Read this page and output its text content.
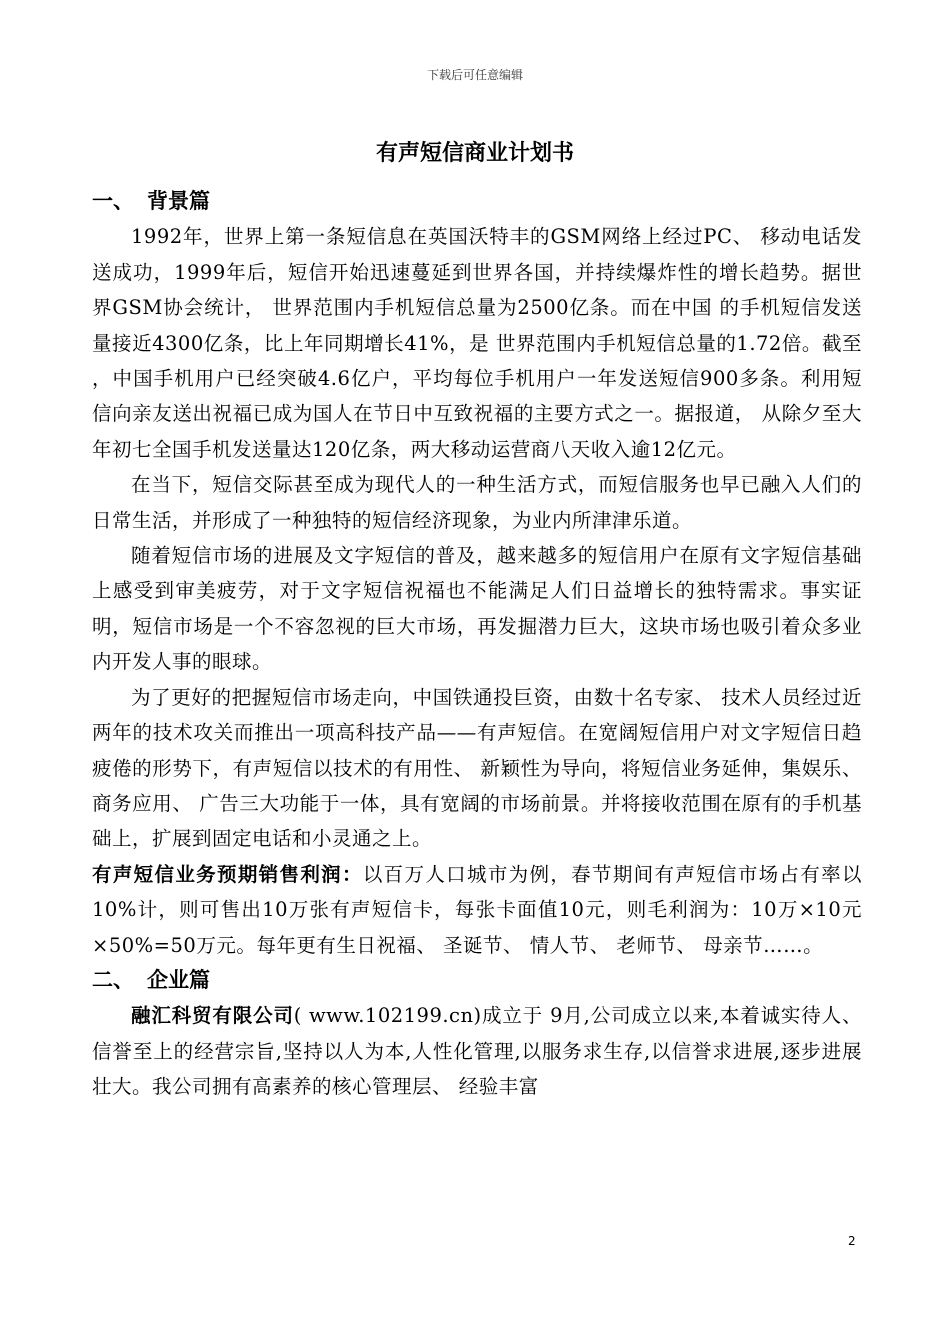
下载后可任意编辑
有声短信商业计划书
一、 背景篇

1992年，世界上第一条短信息在英国沃特丰的GSM网络上经过PC、 移动电话发送成功，1999年后，短信开始迅速蔓延到世界各国，并持续爆炸性的增长趋势。据世界GSM协会统计， 世界范围内手机短信总量为2500亿条。而在中国 的手机短信发送量接近4300亿条，比上年同期增长41%，是 世界范围内手机短信总量的1.72倍。截至 ，中国手机用户已经突破4.6亿户，平均每位手机用户一年发送短信900多条。利用短信向亲友送出祝福已成为国人在节日中互致祝福的主要方式之一。据报道， 从除夕至大年初七全国手机发送量达120亿条，两大移动运营商八天收入逾12亿元。

在当下，短信交际甚至成为现代人的一种生活方式，而短信服务也早已融入人们的日常生活，并形成了一种独特的短信经济现象，为业内所津津乐道。

随着短信市场的进展及文字短信的普及，越来越多的短信用户在原有文字短信基础上感受到审美疲劳，对于文字短信祝福也不能满足人们日益增长的独特需求。事实证明，短信市场是一个不容忽视的巨大市场，再发掘潜力巨大，这块市场也吸引着众多业内开发人事的眼球。

为了更好的把握短信市场走向，中国铁通投巨资，由数十名专家、 技术人员经过近两年的技术攻关而推出一项高科技产品——有声短信。在宽阔短信用户对文字短信日趋疲倦的形势下，有声短信以技术的有用性、 新颖性为导向，将短信业务延伸，集娱乐、 商务应用、 广告三大功能于一体，具有宽阔的市场前景。并将接收范围在原有的手机基础上，扩展到固定电话和小灵通之上。

有声短信业务预期销售利润：以百万人口城市为例，春节期间有声短信市场占有率以10%计，则可售出10万张有声短信卡，每张卡面值10元，则毛利润为：10万×10元×50%=50万元。每年更有生日祝福、 圣诞节、 情人节、 老师节、 母亲节……。

二、 企业篇

融汇科贸有限公司( www.102199.cn)成立于 9月,公司成立以来,本着诚实待人、 信誉至上的经营宗旨,坚持以人为本,人性化管理,以服务求生存,以信誉求进展,逐步进展壮大。我公司拥有高素养的核心管理层、 经验丰富

2
